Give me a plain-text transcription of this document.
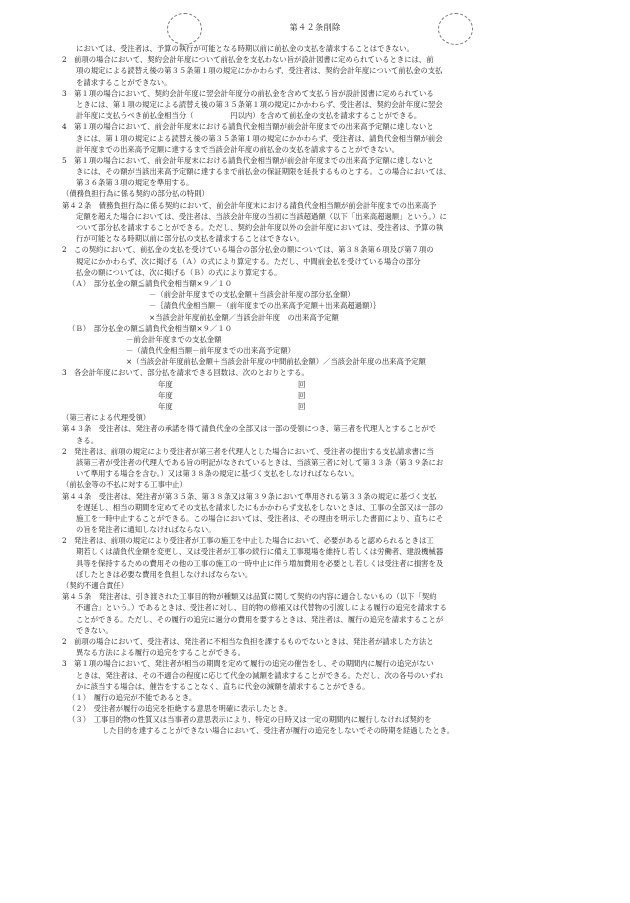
第４２条削除
においては、受注者は、予算の執行が可能となる時期以前に前払金の支払を請求することはできない。
2　前項の場合において、契約会計年度について前払金を支払わない旨が設計図書に定められているときには、前
項の規定による読替え後の第３５条第１項の規定にかかわらず、受注者は、契約会計年度について前払金の支払
を請求することができない。
3　第１項の場合において、契約会計年度に翌会計年度分の前払金を含めて支払う旨が設計図書に定められている
ときには、第１項の規定による読替え後の第３５条第１項の規定にかかわらず、受注者は、契約会計年度に翌会
計年度に支払うべき前払金相当分（　　　　　円以内）を含めて前払金の支払を請求することができる。
4　第１項の場合において、前会計年度末における請負代金相当額が前会計年度までの出来高予定額に達しないと
きには、第１項の規定による読替え後の第３５条第１項の規定にかかわらず、受注者は、請負代金相当額が前会
計年度までの出来高予定額に達するまで当該会計年度の前払金の支払を請求することができない。
5　第１項の場合において、前会計年度末における請負代金相当額が前会計年度までの出来高予定額に達しないと
きには、その額が当該出来高予定額に達するまで前払金の保証期限を延長するものとする。この場合においては、
第３６条第３項の規定を準用する。
（債務負担行為に係る契約の部分払の特則）
第４２条　債務負担行為に係る契約において、前会計年度末における請負代金相当額が前会計年度までの出来高予
定額を超えた場合においては、受注者は、当該会計年度の当初に当該超過額（以下「出来高超過額」という。）に
ついて部分払を請求することができる。ただし、契約会計年度以外の会計年度においては、受注者は、予算の執
行が可能となる時期以前に部分払の支払を請求することはできない。
2　この契約において、前払金の支払を受けている場合の部分払金の額については、第３８条第６項及び第７項の
規定にかかわらず、次に掲げる（Ａ）の式により算定する。ただし、中間前金払を受けている場合の部分
払金の額については、次に掲げる（Ｂ）の式により算定する。
（Ａ）　部分払金の額≦請負代金相当額×９／１０
－（前会計年度までの支払金額＋当該会計年度の部分払金額）
－｛請負代金相当額－（前年度までの出来高予定額＋出来高超過額）｝
×当該会計年度前払金額／当該会計年度　の出来高予定額
（Ｂ）　部分払金の額≦請負代金相当額×９／１０
－前会計年度までの支払金額
－（請負代金相当額－前年度までの出来高予定額）
×（当該会計年度前払金額＋当該会計年度の中間前払金額）／当該会計年度の出来高予定額
3　各会計年度において、部分払を請求できる回数は、次のとおりとする。
年度	回
年度	回
年度	回
（第三者による代理受領）
第４３条　受注者は、発注者の承諾を得て請負代金の全部又は一部の受領につき、第三者を代理人とすることがで
きる。
2　発注者は、前項の規定により受注者が第三者を代理人とした場合において、受注者の提出する支払請求書に当
該第三者が受注者の代理人である旨の明記がなされているときは、当該第三者に対して第３３条（第３９条にお
いて準用する場合を含む。）又は第３８条の規定に基づく支払をしなければならない。
（前払金等の不払に対する工事中止）
第４４条　受注者は、発注者が第３５条、第３８条又は第３９条において準用される第３３条の規定に基づく支払
を遅延し、相当の期間を定めてその支払を請求したにもかかわらず支払をしないときは、工事の全部又は一部の
施工を一時中止することができる。この場合においては、受注者は、その理由を明示した書面により、直ちにそ
の旨を発注者に通知しなければならない。
2　発注者は、前項の規定により受注者が工事の施工を中止した場合において、必要があると認められるときは工
期若しくは請負代金額を変更し、又は受注者が工事の続行に備え工事現場を維持し若しくは労働者、建設機械器
具等を保持するための費用その他の工事の施工の一時中止に伴う増加費用を必要とし若しくは受注者に損害を及
ぼしたときは必要な費用を負担しなければならない。
（契約不適合責任）
第４５条　発注者は、引き渡された工事目的物が種類又は品質に関して契約の内容に適合しないもの（以下「契約
不適合」という。）であるときは、受注者に対し、目的物の修補又は代替物の引渡しによる履行の追完を請求する
ことができる。ただし、その履行の追完に過分の費用を要するときは、発注者は、履行の追完を請求することが
できない。
2　前項の場合において、受注者は、発注者に不相当な負担を課するものでないときは、発注者が請求した方法と
異なる方法による履行の追完をすることができる。
3　第１項の場合において、発注者が相当の期間を定めて履行の追完の催告をし、その期間内に履行の追完がない
ときは、発注者は、その不適合の程度に応じて代金の減額を請求することができる。ただし、次の各号のいずれ
かに該当する場合は、催告をすることなく、直ちに代金の減額を請求することができる。
（１）　履行の追完が不能であるとき。
（２）　受注者が履行の追完を拒絶する意思を明確に表示したとき。
（３）　工事目的物の性質又は当事者の意思表示により、特定の日時又は一定の期間内に履行しなければ契約を
した目的を達することができない場合において、受注者が履行の追完をしないでその時期を経過したとき。
